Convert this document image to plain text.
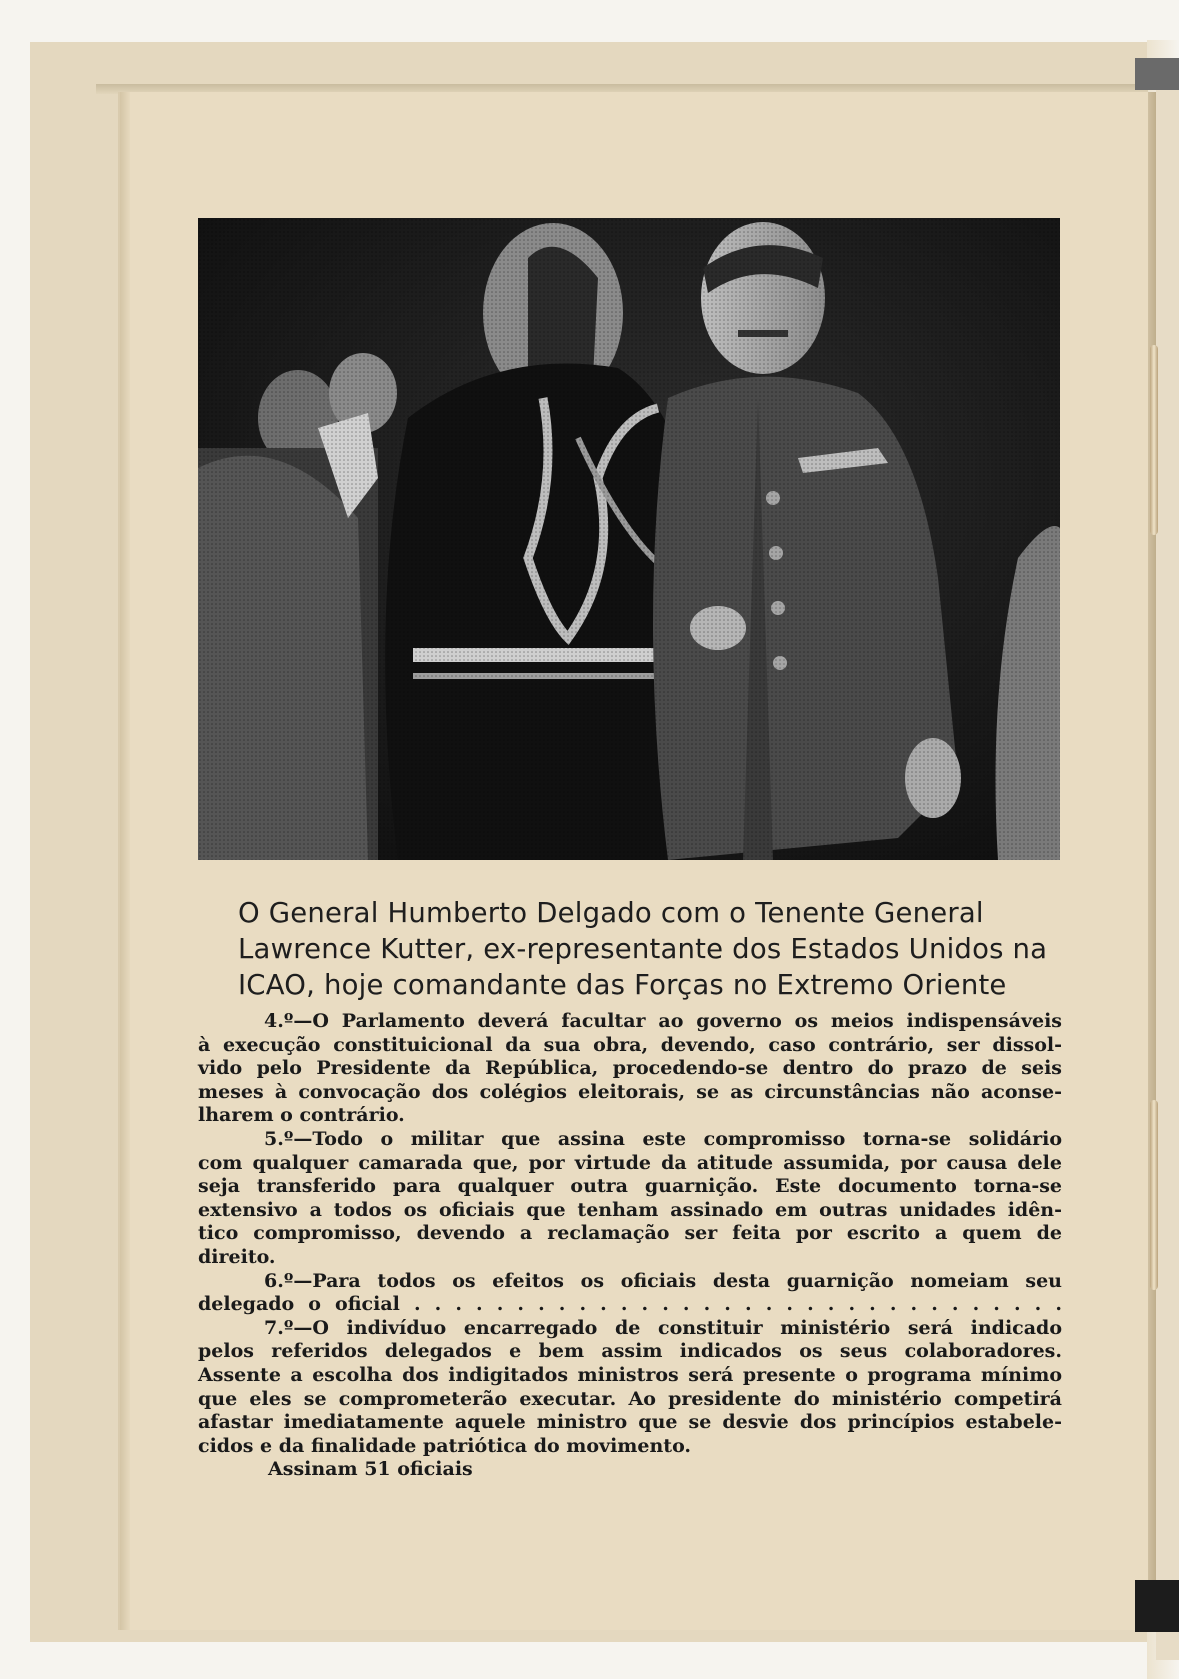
O General Humberto Delgado com o Tenente General
Lawrence Kutter, ex-representante dos Estados Unidos na
ICAO, hoje comandante das Forças no Extremo Oriente
4.º—O Parlamento deverá facultar ao governo os meios indispensáveis
à execução constituicional da sua obra, devendo, caso contrário, ser dissol-
vido pelo Presidente da República, procedendo-se dentro do prazo de seis
meses à convocação dos colégios eleitorais, se as circunstâncias não aconse-
lharem o contrário.
5.º—Todo o militar que assina este compromisso torna-se solidário
com qualquer camarada que, por virtude da atitude assumida, por causa dele
seja transferido para qualquer outra guarnição. Este documento torna-se
extensivo a todos os oficiais que tenham assinado em outras unidades idên-
tico compromisso, devendo a reclamação ser feita por escrito a quem de
direito.
6.º—Para todos os efeitos os oficiais desta guarnição nomeiam seu
delegado o oficial . . . . . . . . . . . . . . . . . . . . . . . . . . . . . . . .
7.º—O indivíduo encarregado de constituir ministério será indicado
pelos referidos delegados e bem assim indicados os seus colaboradores.
Assente a escolha dos indigitados ministros será presente o programa mínimo
que eles se comprometerão executar. Ao presidente do ministério competirá
afastar imediatamente aquele ministro que se desvie dos princípios estabele-
cidos e da finalidade patriótica do movimento.
Assinam 51 oficiais
